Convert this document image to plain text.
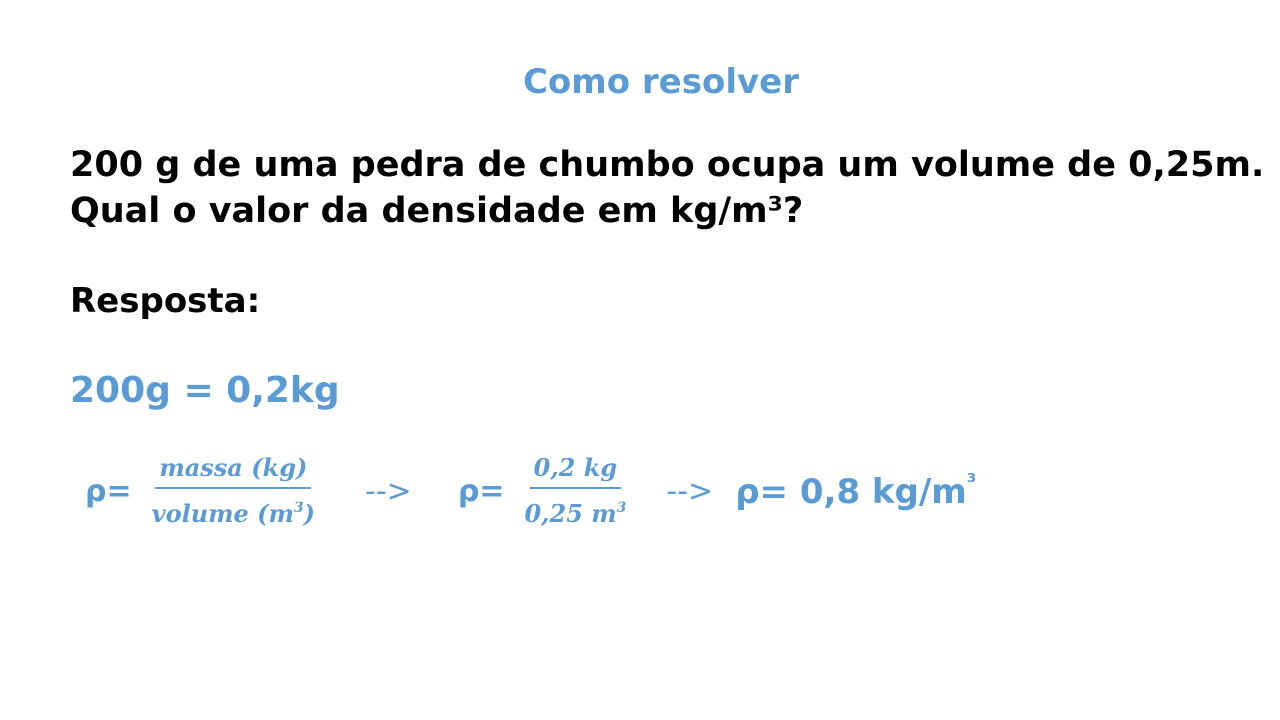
Como resolver
200 g de uma pedra de chumbo ocupa um volume de 0,25m.
Qual o valor da densidade em kg/m³?
Resposta:
200g = 0,2kg
$\rho= \frac{\text{massa (kg)}}{volume (m^3)}$ --> $\rho= \frac{0,2 kg}{0,25 m^3}$ --> ρ= 0,8 $kg/m^{^3}$
